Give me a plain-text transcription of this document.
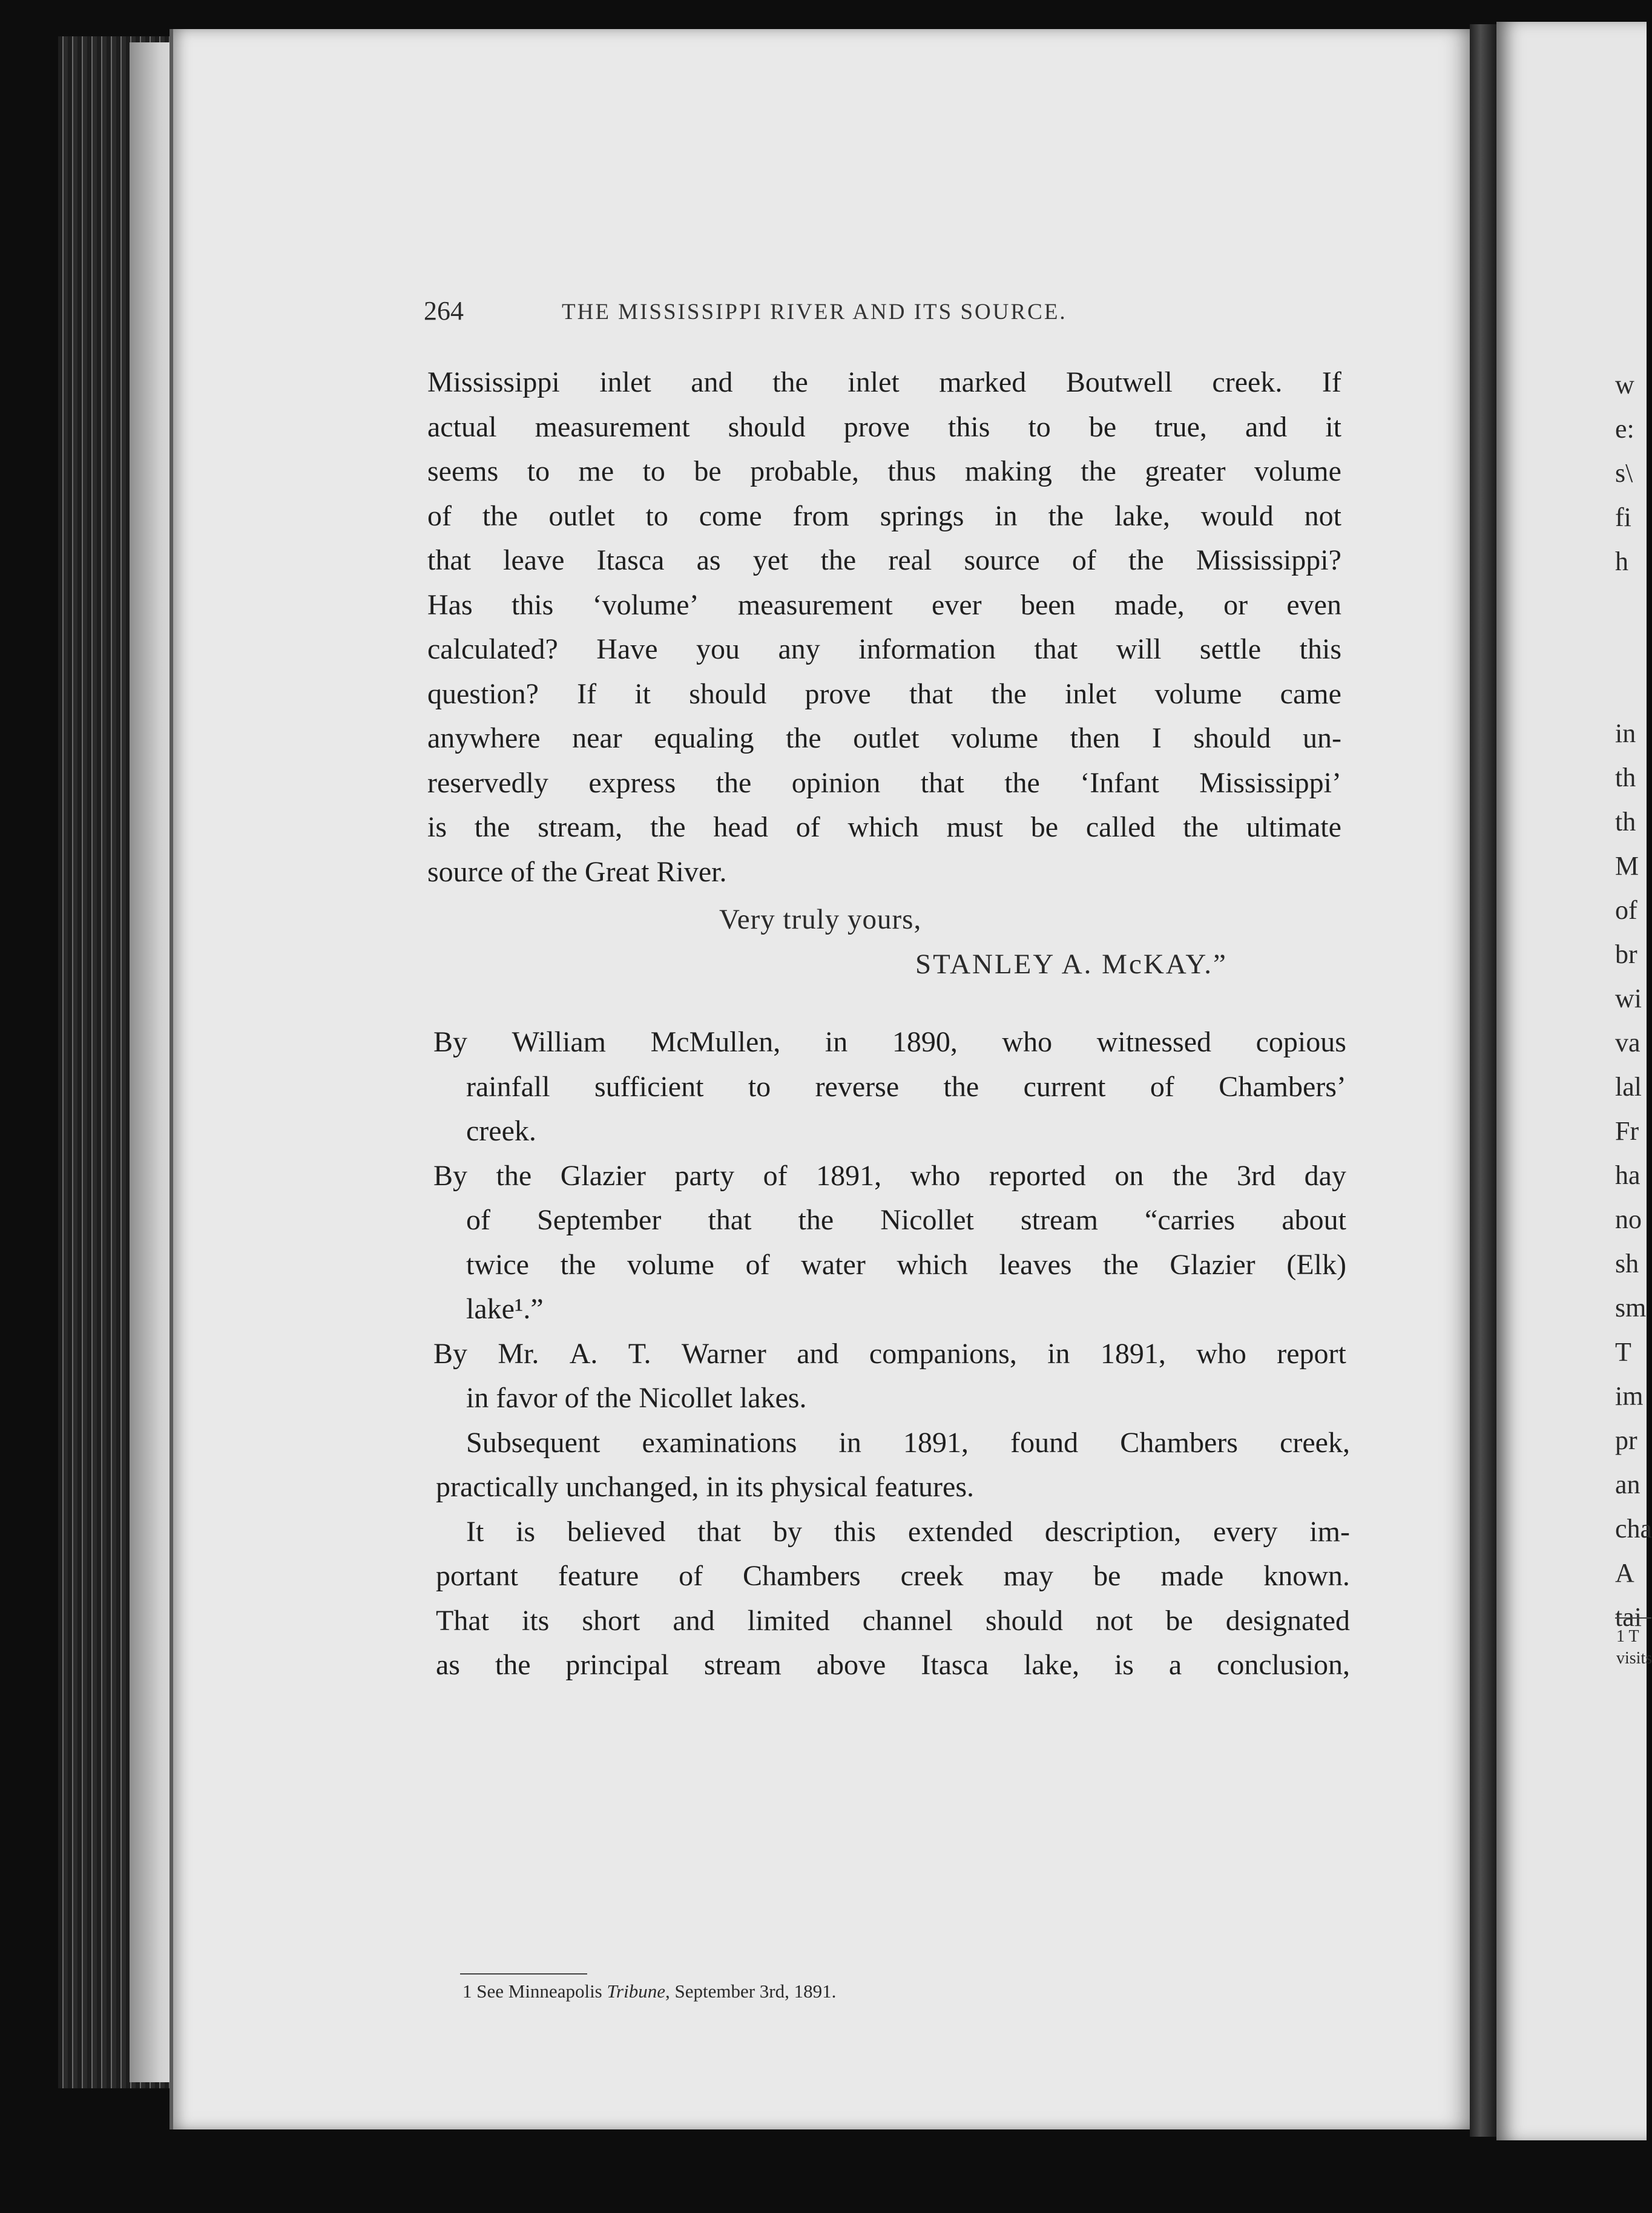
264	THE MISSISSIPPI RIVER AND ITS SOURCE.
Mississippi inlet and the inlet marked Boutwell creek. If
actual measurement should prove this to be true, and it
seems to me to be probable, thus making the greater volume
of the outlet to come from springs in the lake, would not
that leave Itasca as yet the real source of the Mississippi?
Has this ‘volume’ measurement ever been made, or even
calculated? Have you any information that will settle this
question? If it should prove that the inlet volume came
anywhere near equaling the outlet volume then I should un-
reservedly express the opinion that the ‘Infant Mississippi’
is the stream, the head of which must be called the ultimate
source of the Great River.
Very truly yours,
STANLEY A. McKAY.”
By William McMullen, in 1890, who witnessed copious
rainfall sufficient to reverse the current of Chambers’
creek.
By the Glazier party of 1891, who reported on the 3rd day
of September that the Nicollet stream “carries about
twice the volume of water which leaves the Glazier (Elk)
lake¹.”
By Mr. A. T. Warner and companions, in 1891, who report
in favor of the Nicollet lakes.
Subsequent examinations in 1891, found Chambers creek,
practically unchanged, in its physical features.
It is believed that by this extended description, every im-
portant feature of Chambers creek may be made known.
That its short and limited channel should not be designated
as the principal stream above Itasca lake, is a conclusion,
1 See Minneapolis Tribune, September 3rd, 1891.
w
e:
s\
fi
h
in
th
th
M
of
br
wi
va
lal
Fr
ha
no
sh
sm
T
im
pr
an
cha
A
tai
1 T
visits
